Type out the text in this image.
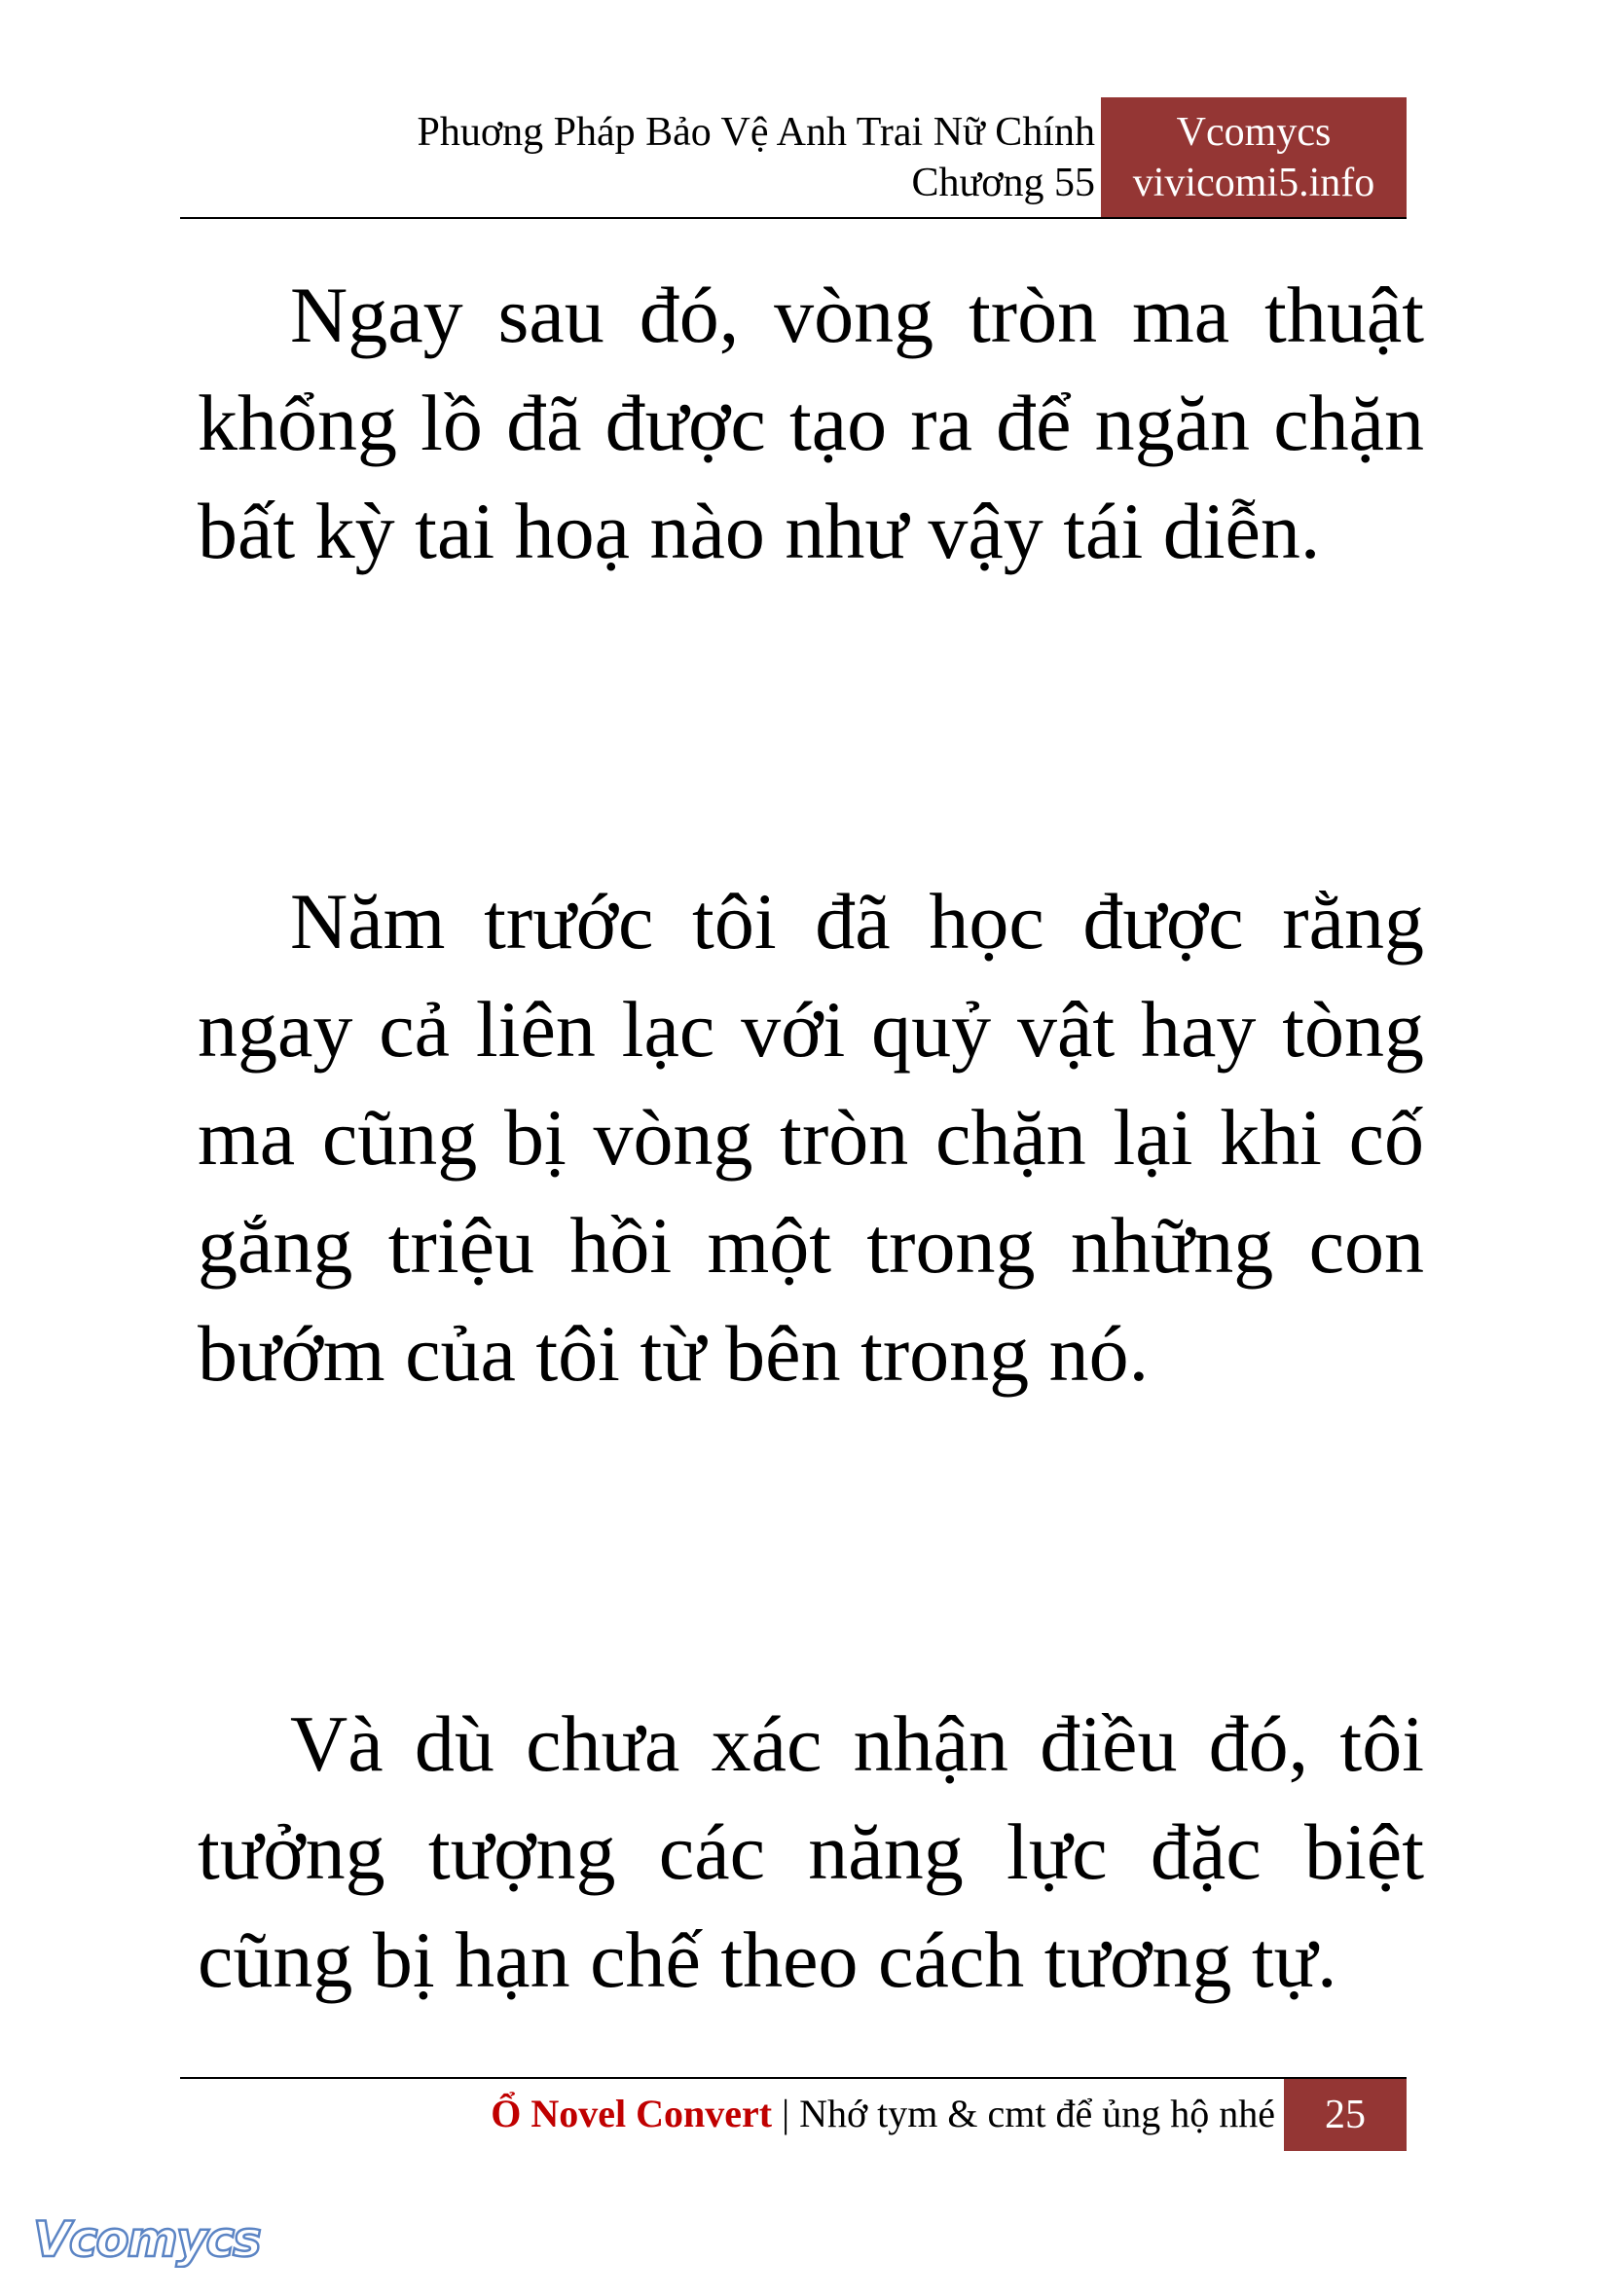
Phuơng Pháp Bảo Vệ Anh Trai Nữ Chính
Chương 55
Vcomycs
vivicomi5.info

Ngay sau đó, vòng tròn ma thuật khổng lồ đã được tạo ra để ngăn chặn bất kỳ tai hoạ nào như vậy tái diễn.

Năm trước tôi đã học được rằng ngay cả liên lạc với quỷ vật hay tòng ma cũng bị vòng tròn chặn lại khi cố gắng triệu hồi một trong những con bướm của tôi từ bên trong nó.

Và dù chưa xác nhận điều đó, tôi tưởng tượng các năng lực đặc biệt cũng bị hạn chế theo cách tương tự.

Ổ Novel Convert | Nhớ tym & cmt để ủng hộ nhé	25
Vcomycs
